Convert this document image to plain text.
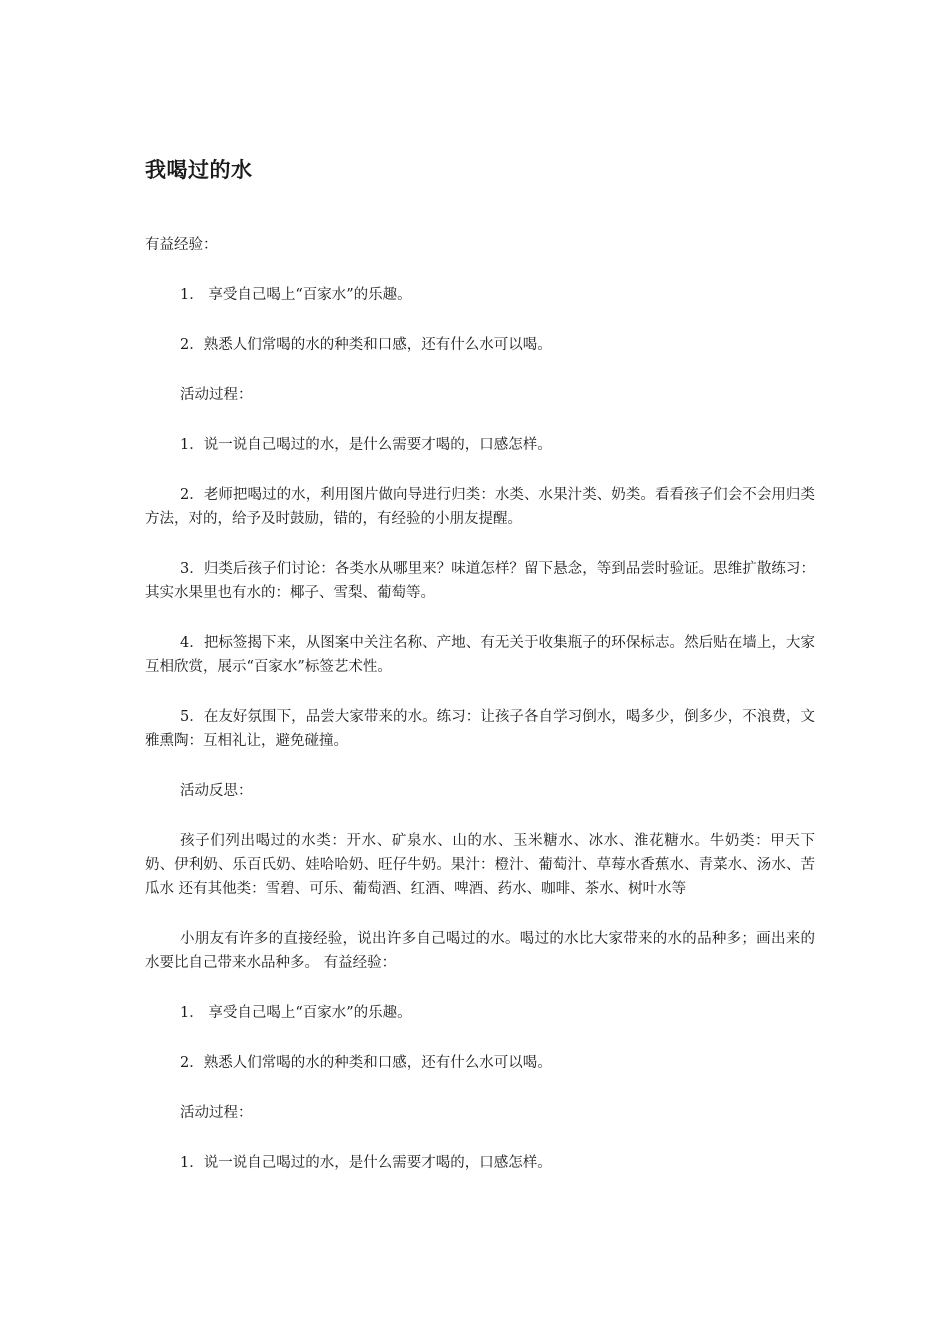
我喝过的水

有益经验：

1． 享受自己喝上“百家水”的乐趣。

2．熟悉人们常喝的水的种类和口感，还有什么水可以喝。

活动过程：

1．说一说自己喝过的水，是什么需要才喝的，口感怎样。

2．老师把喝过的水，利用图片做向导进行归类：水类、水果汁类、奶类。看看孩子们会不会用归类方法，对的，给予及时鼓励，错的，有经验的小朋友提醒。

3．归类后孩子们讨论：各类水从哪里来？味道怎样？留下悬念，等到品尝时验证。思维扩散练习：其实水果里也有水的：椰子、雪梨、葡萄等。

4．把标签揭下来，从图案中关注名称、产地、有无关于收集瓶子的环保标志。然后贴在墙上，大家互相欣赏，展示“百家水”标签艺术性。

5．在友好氛围下，品尝大家带来的水。练习：让孩子各自学习倒水，喝多少，倒多少，不浪费，文雅熏陶：互相礼让，避免碰撞。

活动反思：

孩子们列出喝过的水类：开水、矿泉水、山的水、玉米糖水、冰水、淮花糖水。牛奶类：甲天下奶、伊利奶、乐百氏奶、娃哈哈奶、旺仔牛奶。果汁：橙汁、葡萄汁、草莓水香蕉水、青菜水、汤水、苦瓜水 还有其他类：雪碧、可乐、葡萄酒、红酒、啤酒、药水、咖啡、茶水、树叶水等

小朋友有许多的直接经验，说出许多自己喝过的水。喝过的水比大家带来的水的品种多；画出来的水要比自己带来水品种多。 有益经验：

1． 享受自己喝上“百家水”的乐趣。

2．熟悉人们常喝的水的种类和口感，还有什么水可以喝。

活动过程：

1．说一说自己喝过的水，是什么需要才喝的，口感怎样。
